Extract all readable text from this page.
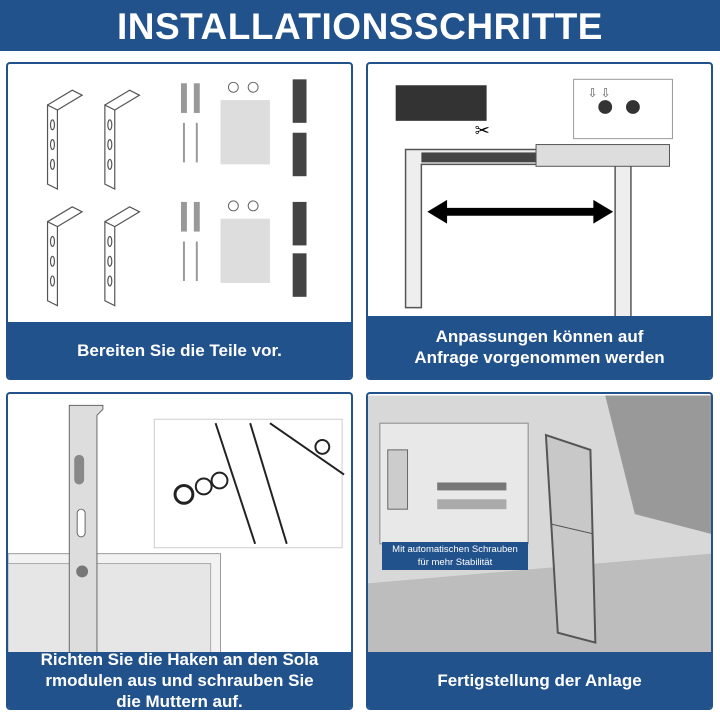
INSTALLATIONSSCHRITTE
Bereiten Sie die Teile vor.
✂
⇩ ⇩
Anpassungen können auf
Anfrage vorgenommen werden
Richten Sie die Haken an den Sola
rmodulen aus und schrauben Sie
die Muttern auf.
Mit automatischen Schrauben
für mehr Stabilität
Fertigstellung der Anlage
